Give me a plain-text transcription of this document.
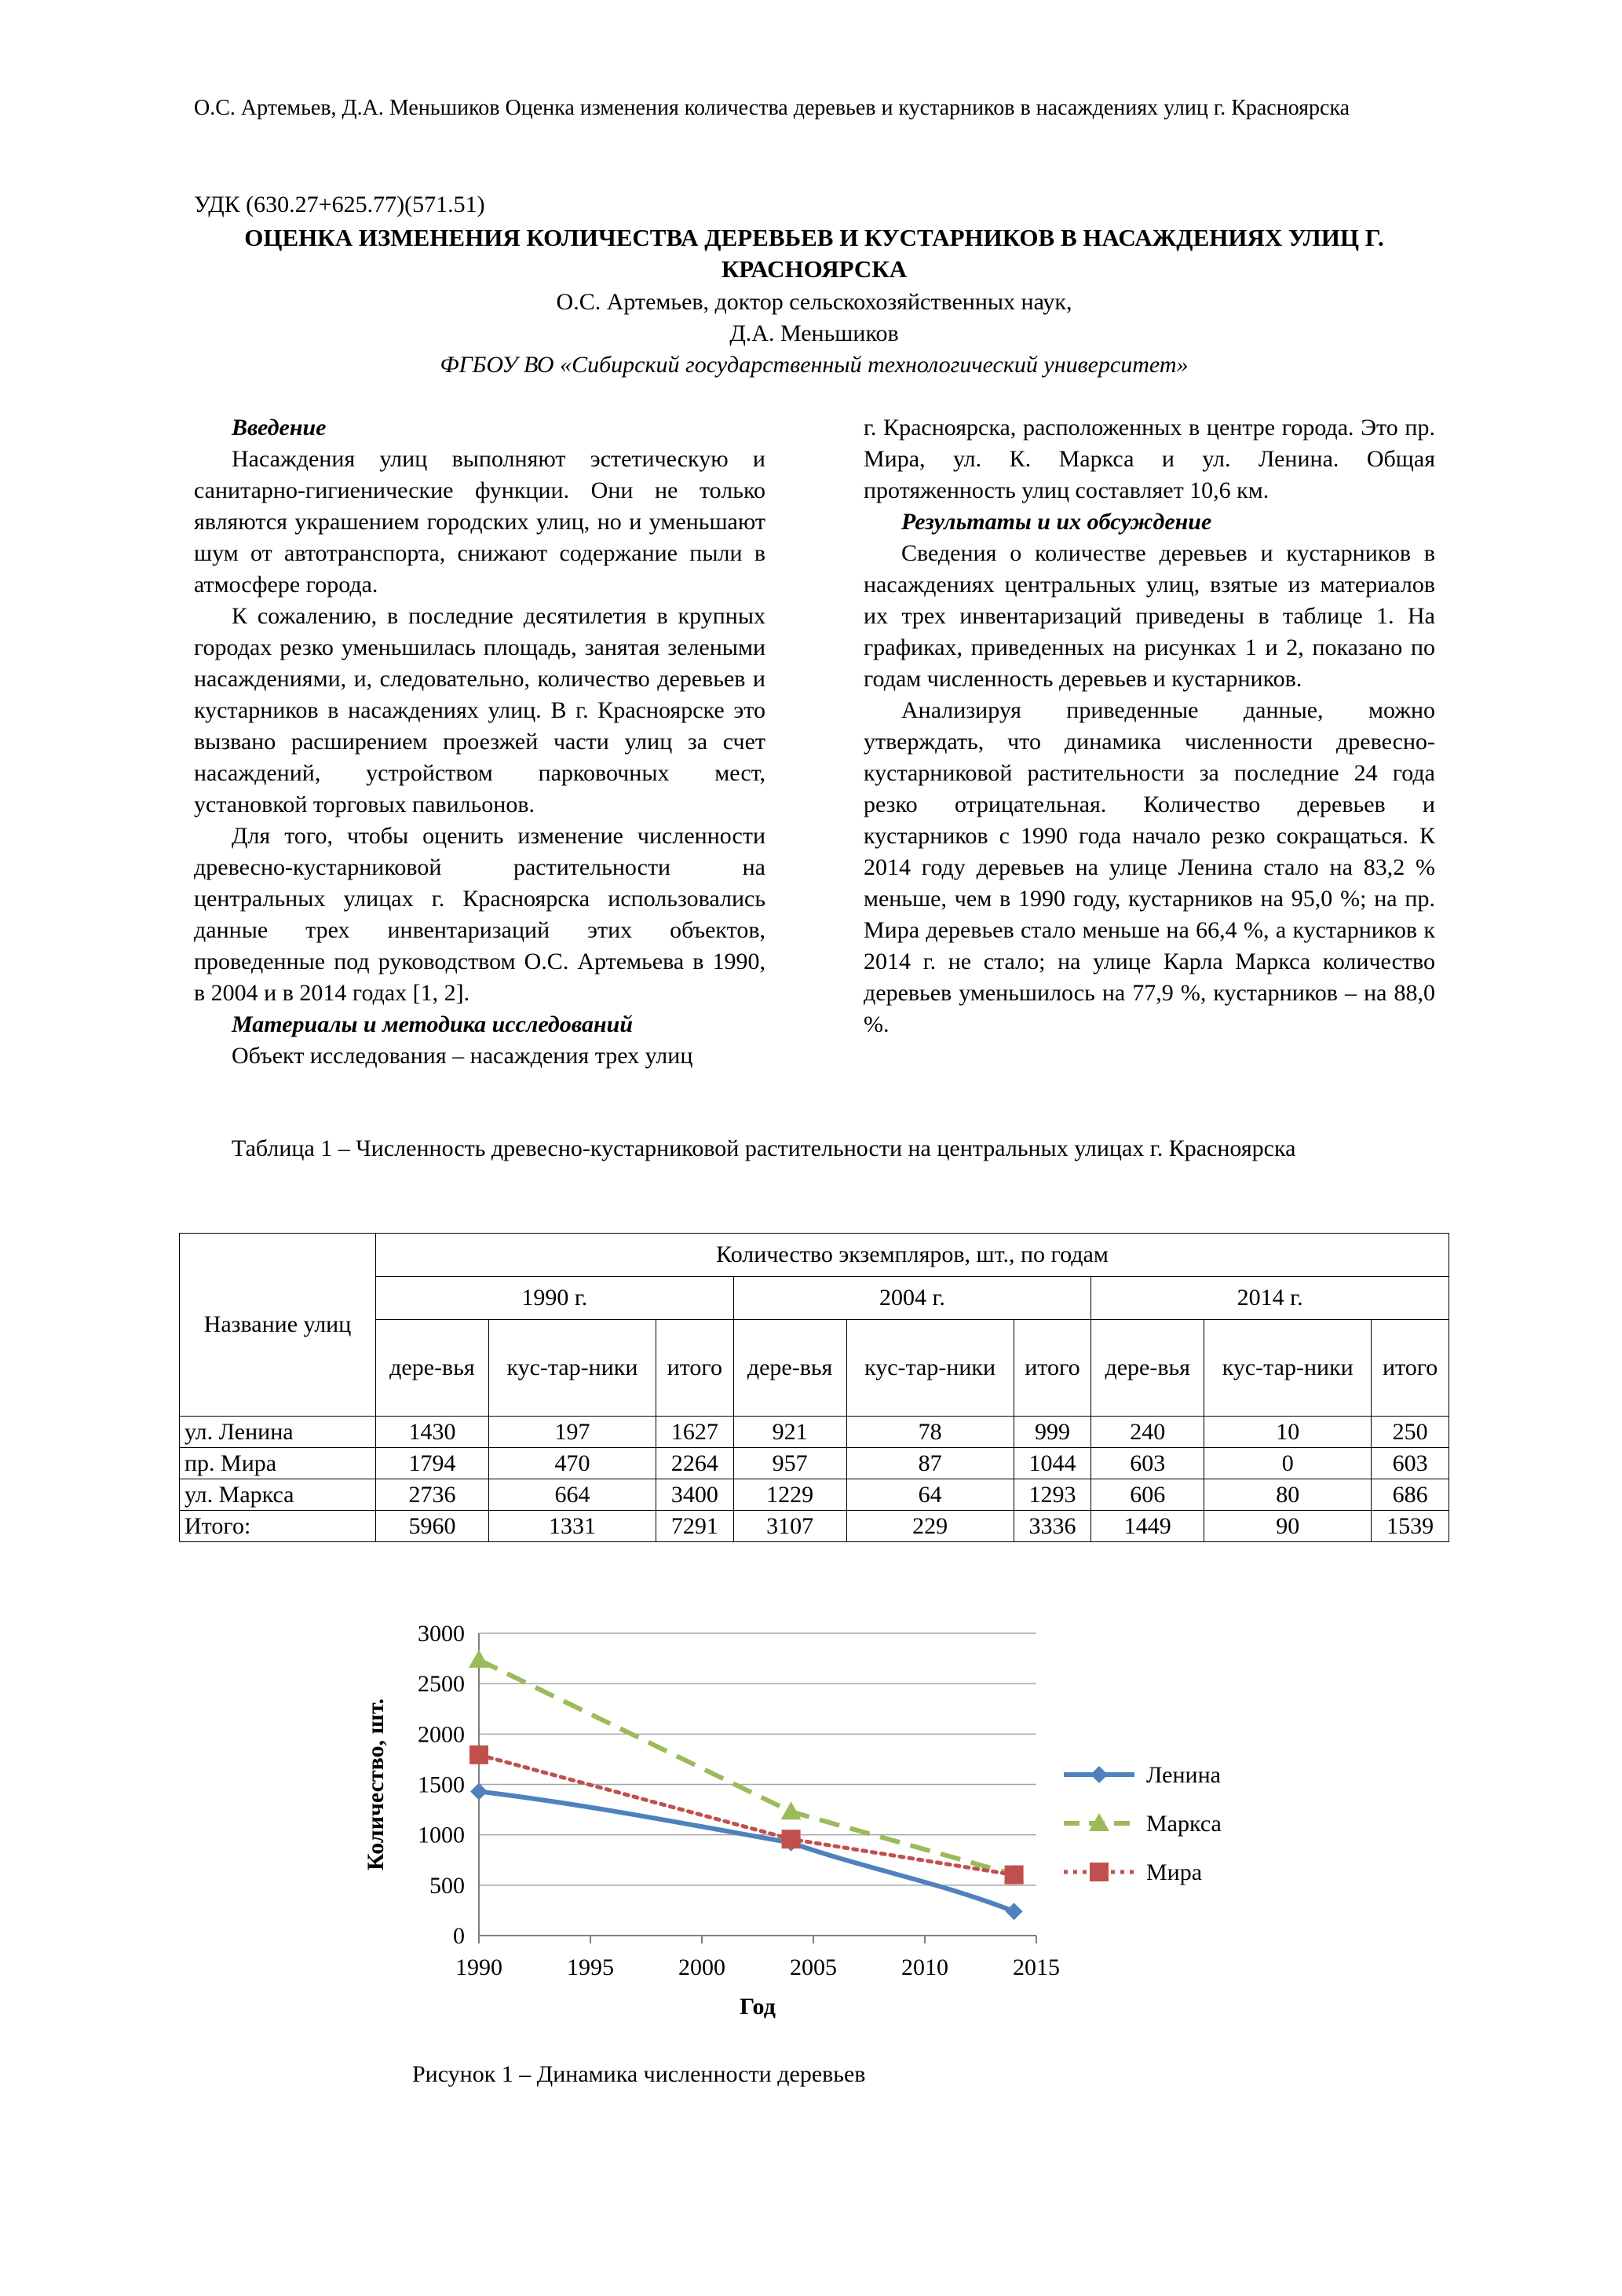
О.С. Артемьев, Д.А. Меньшиков Оценка изменения количества деревьев и кустарников в насаждениях улиц г. Красноярска
УДК (630.27+625.77)(571.51)
ОЦЕНКА ИЗМЕНЕНИЯ КОЛИЧЕСТВА ДЕРЕВЬЕВ И КУСТАРНИКОВ В НАСАЖДЕНИЯХ УЛИЦ Г. КРАСНОЯРСКА
О.С. Артемьев, доктор сельскохозяйственных наук,
Д.А. Меньшиков
ФГБОУ ВО «Сибирский государственный технологический университет»

Введение

Насаждения улиц выполняют эстетическую и санитарно-гигиенические функции. Они не только являются украшением городских улиц, но и уменьшают шум от автотранспорта, снижают содержание пыли в атмосфере города.

К сожалению, в последние десятилетия в крупных городах резко уменьшилась площадь, занятая зелеными насаждениями, и, следовательно, количество деревьев и кустарников в насаждениях улиц. В г. Красноярске это вызвано расширением проезжей части улиц за счет насаждений, устройством парковочных мест, установкой торговых павильонов.

Для того, чтобы оценить изменение численности древесно-кустарниковой растительности на центральных улицах г. Красноярска использовались данные трех инвентаризаций этих объектов, проведенные под руководством О.С. Артемьева в 1990, в 2004 и в 2014 годах [1, 2].

Материалы и методика исследований

Объект исследования – насаждения трех улиц

г. Красноярска, расположенных в центре города. Это пр. Мира, ул. К. Маркса и ул. Ленина. Общая протяженность улиц составляет 10,6 км.

Результаты и их обсуждение

Сведения о количестве деревьев и кустарников в насаждениях центральных улиц, взятые из материалов их трех инвентаризаций приведены в таблице 1. На графиках, приведенных на рисунках 1 и 2, показано по годам численность деревьев и кустарников.

Анализируя приведенные данные, можно утверждать, что динамика численности древесно-кустарниковой растительности за последние 24 года резко отрицательная. Количество деревьев и кустарников с 1990 года начало резко сокращаться. К 2014 году деревьев на улице Ленина стало на 83,2 % меньше, чем в 1990 году, кустарников на 95,0 %; на пр. Мира деревьев стало меньше на 66,4 %, а кустарников к 2014 г. не стало; на улице Карла Маркса количество деревьев уменьшилось на 77,9 %, кустарников – на 88,0 %.

Таблица 1 – Численность древесно-кустарниковой растительности на центральных улицах г. Красноярска
Название улиц	Количество экземпляров, шт., по годам								
	1990 г.			2004 г.			2014 г.		
	дере-вья	кус-тар-ники	итого	дере-вья	кус-тар-ники	итого	дере-вья	кус-тар-ники	итого
ул. Ленина	1430	197	1627	921	78	999	240	10	250
пр. Мира	1794	470	2264	957	87	1044	603	0	603
ул. Маркса	2736	664	3400	1229	64	1293	606	80	686
Итого:	5960	1331	7291	3107	229	3336	1449	90	1539
0
500
1000
1500
2000
2500
3000
1990	1995	2000	2005	2010	2015
Год
Количество, шт.	Ленина
Маркса
Мира
Рисунок 1 – Динамика численности деревьев
